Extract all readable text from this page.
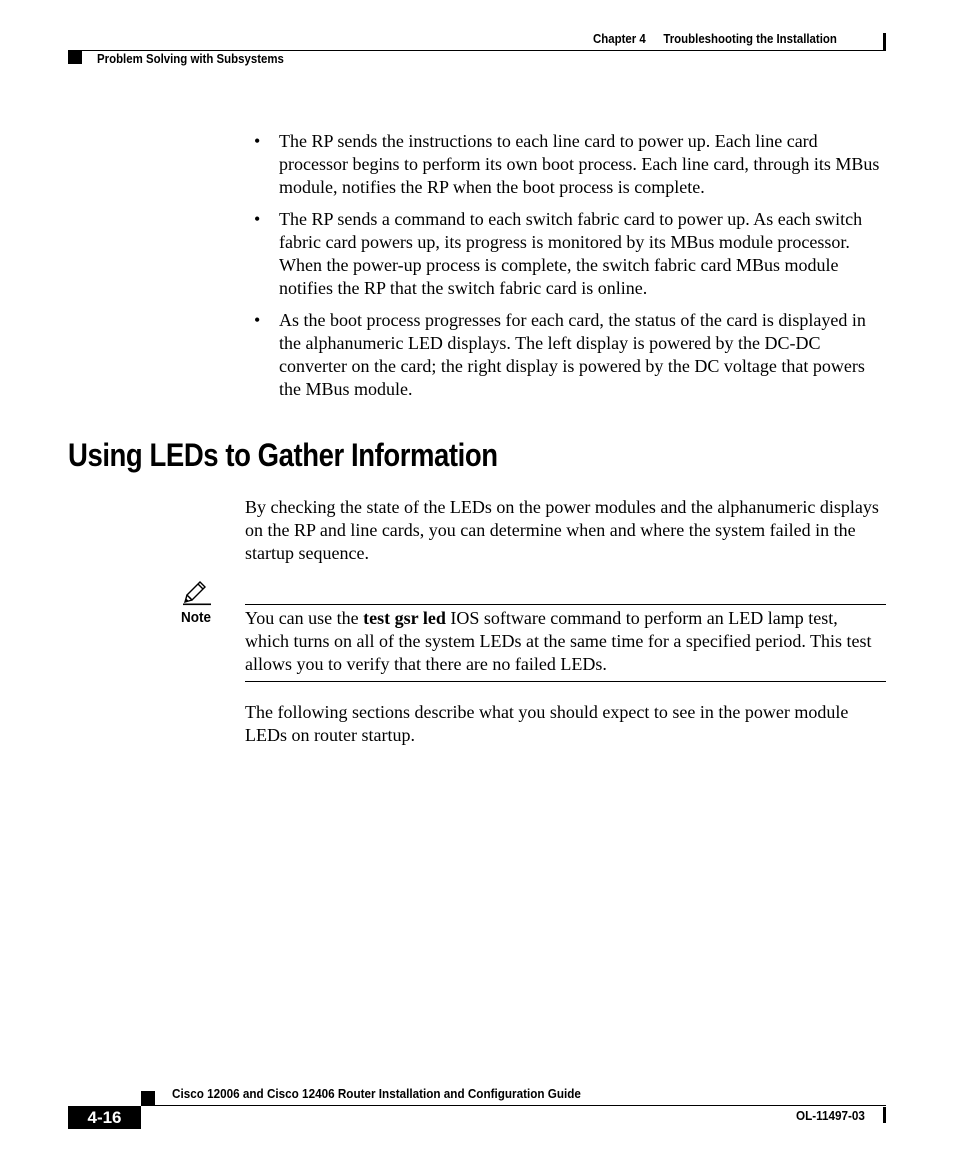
Chapter 4 Troubleshooting the Installation
Problem Solving with Subsystems
• The RP sends the instructions to each line card to power up. Each line card processor begins to perform its own boot process. Each line card, through its MBus module, notifies the RP when the boot process is complete.
• The RP sends a command to each switch fabric card to power up. As each switch fabric card powers up, its progress is monitored by its MBus module processor. When the power-up process is complete, the switch fabric card MBus module notifies the RP that the switch fabric card is online.
• As the boot process progresses for each card, the status of the card is displayed in the alphanumeric LED displays. The left display is powered by the DC-DC converter on the card; the right display is powered by the DC voltage that powers the MBus module.
Using LEDs to Gather Information

By checking the state of the LEDs on the power modules and the alphanumeric displays on the RP and line cards, you can determine when and where the system failed in the startup sequence.

Note You can use the test gsr led IOS software command to perform an LED lamp test, which turns on all of the system LEDs at the same time for a specified period. This test allows you to verify that there are no failed LEDs.

The following sections describe what you should expect to see in the power module LEDs on router startup.

Cisco 12006 and Cisco 12406 Router Installation and Configuration Guide
4-16	OL-11497-03
